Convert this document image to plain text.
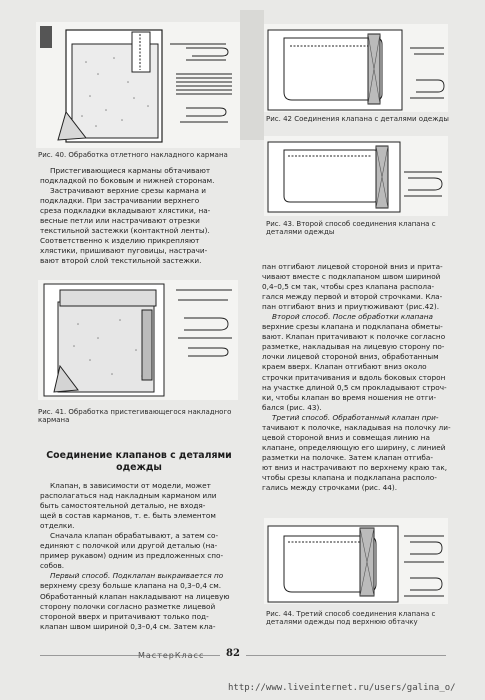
Рис. 40. Обработка отлетного накладного кармана
Рис. 42 Соединения клапана с деталями одежды
Рис. 43. Второй способ соединения клапана с
деталями одежды
Пристегивающиеся карманы обтачивают
подкладкой по боковым и нижней сторонам.
Застрачивают верхние срезы кармана и
подкладки. При застрачивании верхнего
среза подкладки вкладывают хлястики, на-
весные петли или настрачивают отрезки
текстильной застежки (контактной ленты).
Соответственно к изделию прикрепляют
хлястики, пришивают пуговицы, настрачи-
вают второй слой текстильной застежки.
Рис. 41. Обработка пристегивающегося накладного
кармана
Соединение клапанов с деталями
одежды
Клапан, в зависимости от модели, может
располагаться над накладным карманом или
быть самостоятельной деталью, не входя-
щей в состав карманов, т. е. быть элементом
отделки.
Сначала клапан обрабатывают, а затем со-
единяют с полочкой или другой деталью (на-
пример рукавом) одним из предложенных спо-
собов.
Первый способ. Подклапан выкраивается по
верхнему срезу больше клапана на 0,3–0,4 см.
Обработанный клапан накладывают на лицевую
сторону полочки согласно разметке лицевой
стороной вверх и притачивают только под-
клапан швом шириной 0,3–0,4 см. Затем кла-
пан отгибают лицевой стороной вниз и прита-
чивают вместе с подклапаном швом шириной
0,4–0,5 см так, чтобы срез клапана распола-
гался между первой и второй строчками. Кла-
пан отгибают вниз и приутюживают (рис.42).
Второй способ. После обработки клапана
верхние срезы клапана и подклапана обметы-
вают. Клапан притачивают к полочке согласно
разметке, накладывая на лицевую сторону по-
лочки лицевой стороной вниз, обработанным
краем вверх. Клапан отгибают вниз около
строчки притачивания и вдоль боковых сторон
на участке длиной 0,5 см прокладывают строч-
ки, чтобы клапан во время ношения не отги-
бался (рис. 43).
Третий способ. Обработанный клапан при-
тачивают к полочке, накладывая на полочку ли-
цевой стороной вниз и совмещая линию на
клапане, определяющую его ширину, с линией
разметки на полочке. Затем клапан отгиба-
ют вниз и настрачивают по верхнему краю так,
чтобы срезы клапана и подклапана располо-
гались между строчками (рис. 44).
Рис. 44. Третий способ соединения клапана с
деталями одежды под верхнюю обтачку
МастерКласс 82
http://www.liveinternet.ru/users/galina_o/
